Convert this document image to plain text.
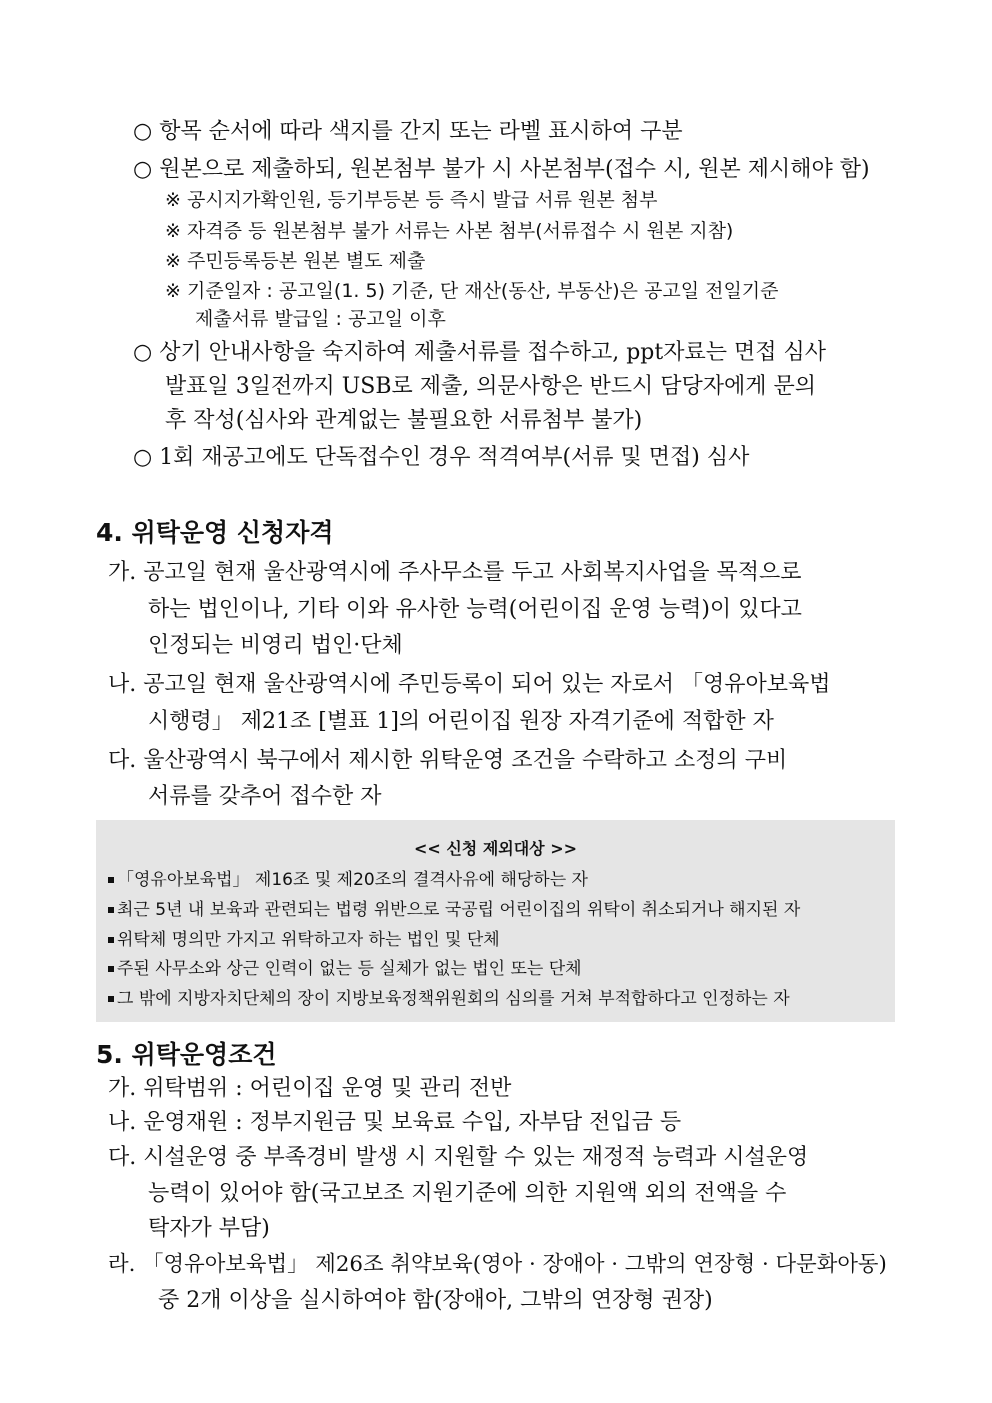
○ 항목 순서에 따라 색지를 간지 또는 라벨 표시하여 구분
○ 원본으로 제출하되, 원본첨부 불가 시 사본첨부(접수 시, 원본 제시해야 함)
※ 공시지가확인원, 등기부등본 등 즉시 발급 서류 원본 첨부
※ 자격증 등 원본첨부 불가 서류는 사본 첨부(서류접수 시 원본 지참)
※ 주민등록등본 원본 별도 제출
※ 기준일자 : 공고일(1. 5) 기준, 단 재산(동산, 부동산)은 공고일 전일기준
제출서류 발급일 : 공고일 이후
○ 상기 안내사항을 숙지하여 제출서류를 접수하고, ppt자료는 면접 심사
발표일 3일전까지 USB로 제출, 의문사항은 반드시 담당자에게 문의
후 작성(심사와 관계없는 불필요한 서류첨부 불가)
○ 1회 재공고에도 단독접수인 경우 적격여부(서류 및 면접) 심사
4. 위탁운영 신청자격
가. 공고일 현재 울산광역시에 주사무소를 두고 사회복지사업을 목적으로
하는 법인이나, 기타 이와 유사한 능력(어린이집 운영 능력)이 있다고
인정되는 비영리 법인·단체
나. 공고일 현재 울산광역시에 주민등록이 되어 있는 자로서 「영유아보육법
시행령」 제21조 [별표 1]의 어린이집 원장 자격기준에 적합한 자
다. 울산광역시 북구에서 제시한 위탁운영 조건을 수락하고 소정의 구비
서류를 갖추어 접수한 자
<< 신청 제외대상 >>
「영유아보육법」 제16조 및 제20조의 결격사유에 해당하는 자
최근 5년 내 보육과 관련되는 법령 위반으로 국공립 어린이집의 위탁이 취소되거나 해지된 자
위탁체 명의만 가지고 위탁하고자 하는 법인 및 단체
주된 사무소와 상근 인력이 없는 등 실체가 없는 법인 또는 단체
그 밖에 지방자치단체의 장이 지방보육정책위원회의 심의를 거쳐 부적합하다고 인정하는 자
5. 위탁운영조건
가. 위탁범위 : 어린이집 운영 및 관리 전반
나. 운영재원 : 정부지원금 및 보육료 수입, 자부담 전입금 등
다. 시설운영 중 부족경비 발생 시 지원할 수 있는 재정적 능력과 시설운영
능력이 있어야 함(국고보조 지원기준에 의한 지원액 외의 전액을 수
탁자가 부담)
라. 「영유아보육법」 제26조 취약보육(영아 · 장애아 · 그밖의 연장형 · 다문화아동)
중 2개 이상을 실시하여야 함(장애아, 그밖의 연장형 권장)
